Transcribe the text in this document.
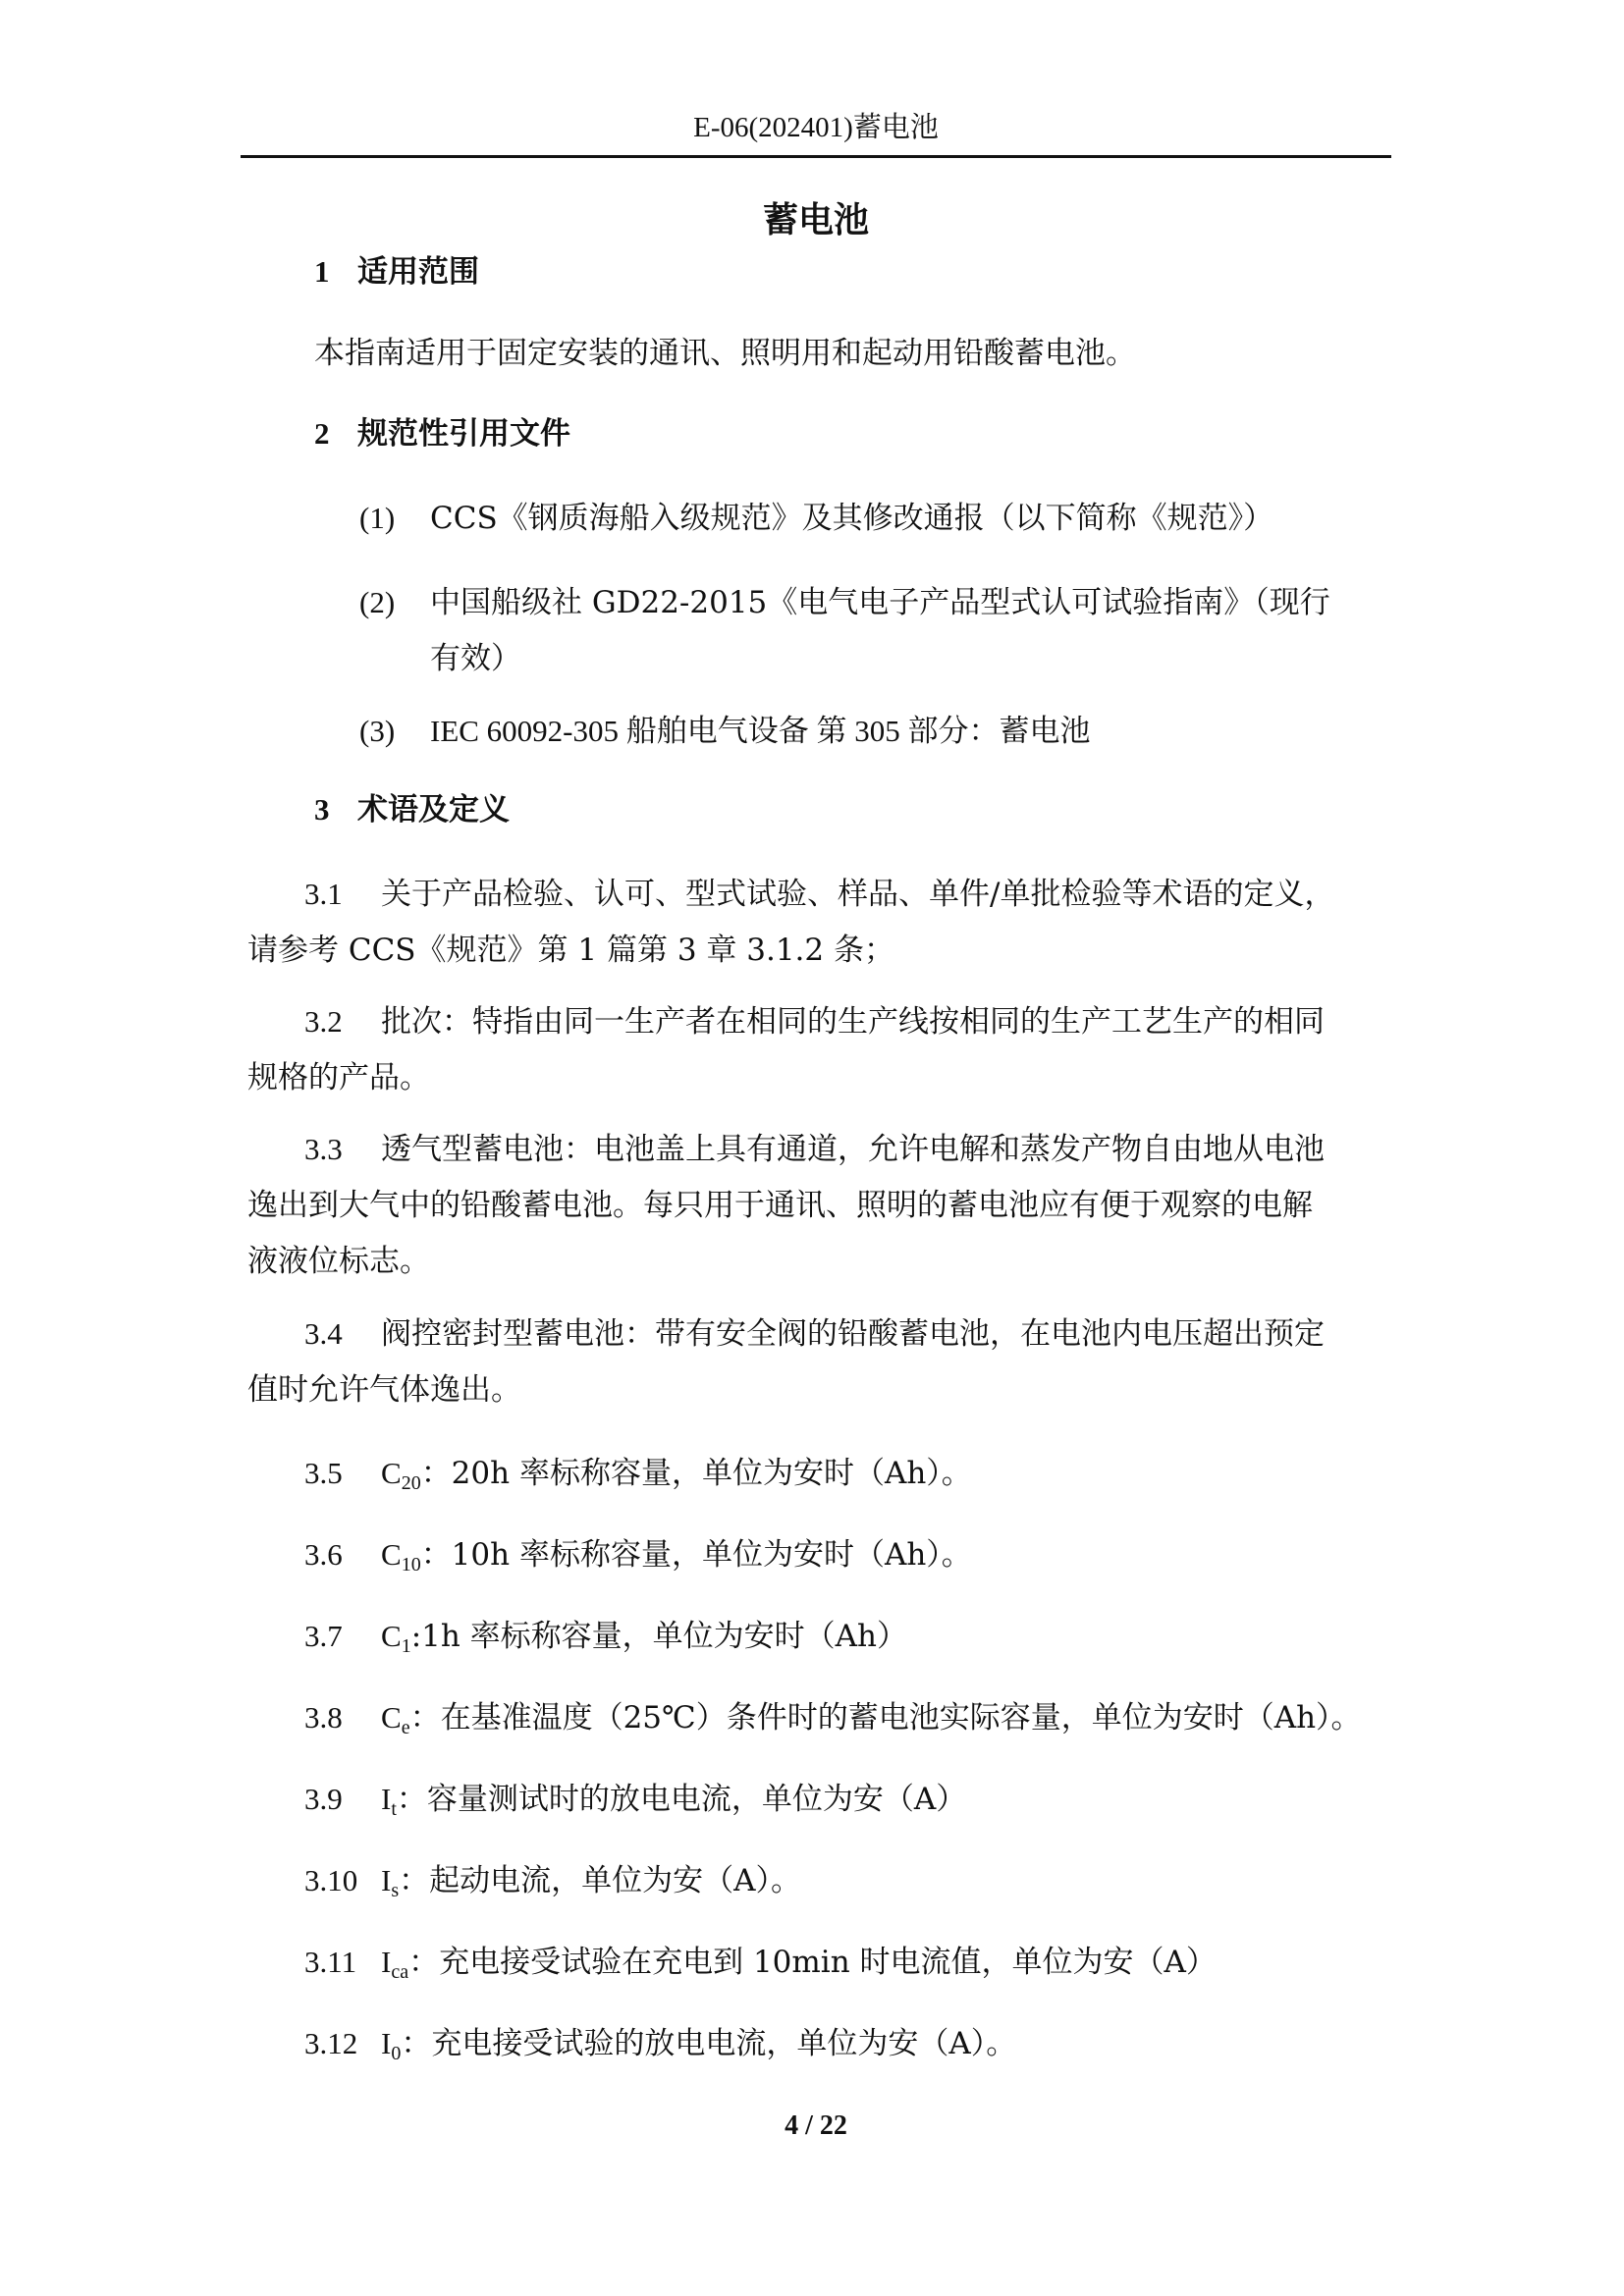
E-06(202401)蓄电池
蓄电池
1 适用范围
本指南适用于固定安装的通讯、照明用和起动用铅酸蓄电池。
2 规范性引用文件
(1) CCS《钢质海船入级规范》及其修改通报（以下简称《规范》）
(2) 中国船级社 GD22-2015《电气电子产品型式认可试验指南》（现行
有效）
(3) IEC 60092-305 船舶电气设备 第 305 部分：蓄电池
3 术语及定义
3.1 关于产品检验、认可、型式试验、样品、单件/单批检验等术语的定义，
请参考 CCS《规范》第 1 篇第 3 章 3.1.2 条；
3.2 批次：特指由同一生产者在相同的生产线按相同的生产工艺生产的相同
规格的产品。
3.3 透气型蓄电池：电池盖上具有通道，允许电解和蒸发产物自由地从电池
逸出到大气中的铅酸蓄电池。每只用于通讯、照明的蓄电池应有便于观察的电解
液液位标志。
3.4 阀控密封型蓄电池：带有安全阀的铅酸蓄电池，在电池内电压超出预定
值时允许气体逸出。
3.5 $C_{20}$：20h 率标称容量，单位为安时（Ah）。
3.6 $C_{10}$：10h 率标称容量，单位为安时（Ah）。
3.7 $C_1:1h$ 率标称容量，单位为安时（Ah）
3.8 $C_e$：在基准温度（25℃）条件时的蓄电池实际容量，单位为安时（Ah）。
3.9 $I_t$：容量测试时的放电电流，单位为安（A）
3.10 $I_s$：起动电流，单位为安（A）。
3.11 $I_{ca}$：充电接受试验在充电到 10min 时电流值，单位为安（A）
3.12 $I_0$：充电接受试验的放电电流，单位为安（A）。
4 / 22
